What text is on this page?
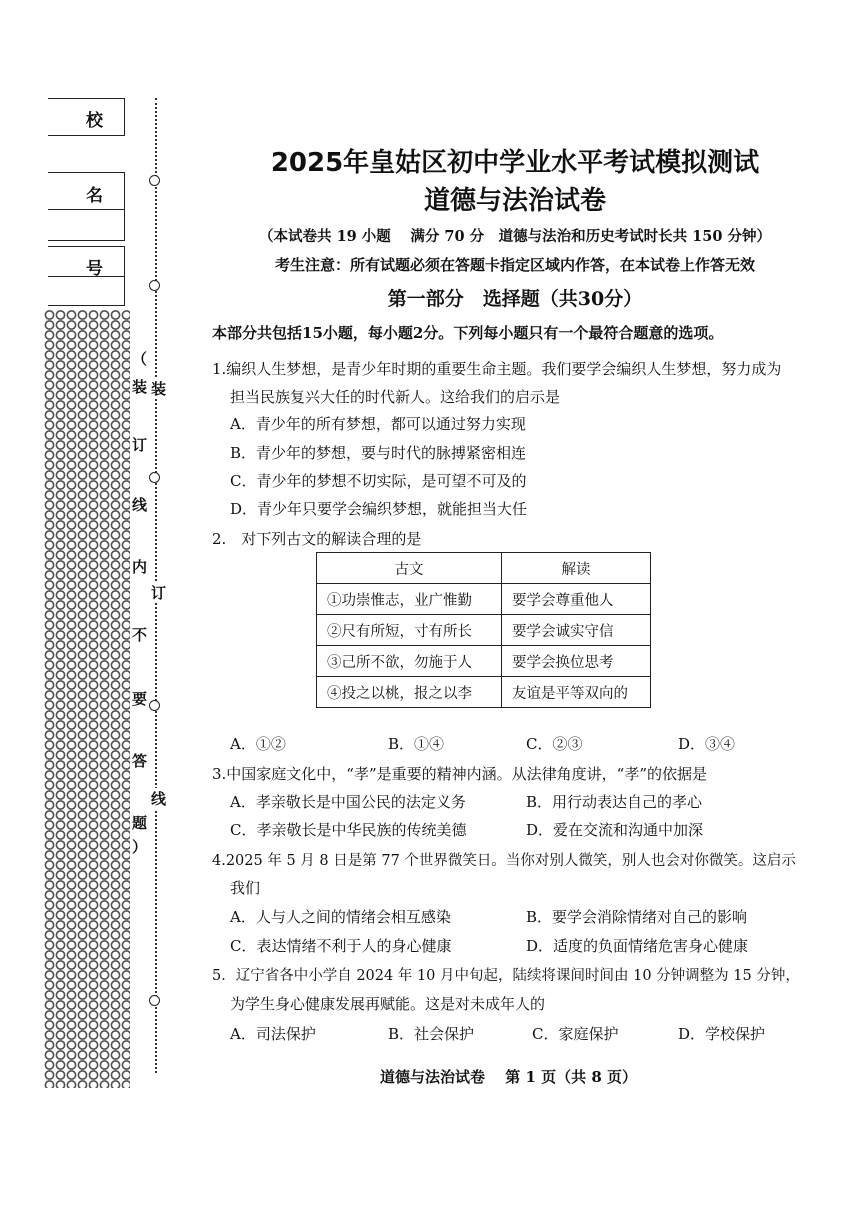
校
名
号
（
装
订
线
内
不
要
答
题
）
装
订
线
2025年皇姑区初中学业水平考试模拟测试
道德与法治试卷
（本试卷共 19 小题　 满分 70 分　道德与法治和历史考试时长共 150 分钟）
考生注意：所有试题必须在答题卡指定区域内作答，在本试卷上作答无效
第一部分　选择题（共30分）
本部分共包括15小题，每小题2分。下列每小题只有一个最符合题意的选项。
1.编织人生梦想，是青少年时期的重要生命主题。我们要学会编织人生梦想，努力成为
担当民族复兴大任的时代新人。这给我们的启示是
A．青少年的所有梦想，都可以通过努力实现
B．青少年的梦想，要与时代的脉搏紧密相连
C．青少年的梦想不切实际，是可望不可及的
D．青少年只要学会编织梦想，就能担当大任
2.　对下列古文的解读合理的是
古文	解读
①功崇惟志，业广惟勤	要学会尊重他人
②尺有所短，寸有所长	要学会诚实守信
③己所不欲，勿施于人	要学会换位思考
④投之以桃，报之以李	友谊是平等双向的
A．①②	B．①④	C．②③	D．③④
3.中国家庭文化中，“孝”是重要的精神内涵。从法律角度讲，“孝”的依据是
A．孝亲敬长是中国公民的法定义务	B．用行动表达自己的孝心
C．孝亲敬长是中华民族的传统美德	D．爱在交流和沟通中加深
4.2025 年 5 月 8 日是第 77 个世界微笑日。当你对别人微笑，别人也会对你微笑。这启示
我们
A．人与人之间的情绪会相互感染	B．要学会消除情绪对自己的影响
C．表达情绪不利于人的身心健康	D．适度的负面情绪危害身心健康
5．辽宁省各中小学自 2024 年 10 月中旬起，陆续将课间时间由 10 分钟调整为 15 分钟，
为学生身心健康发展再赋能。这是对未成年人的
A．司法保护	B．社会保护	C．家庭保护	D．学校保护
道德与法治试卷　 第 1 页（共 8 页）
